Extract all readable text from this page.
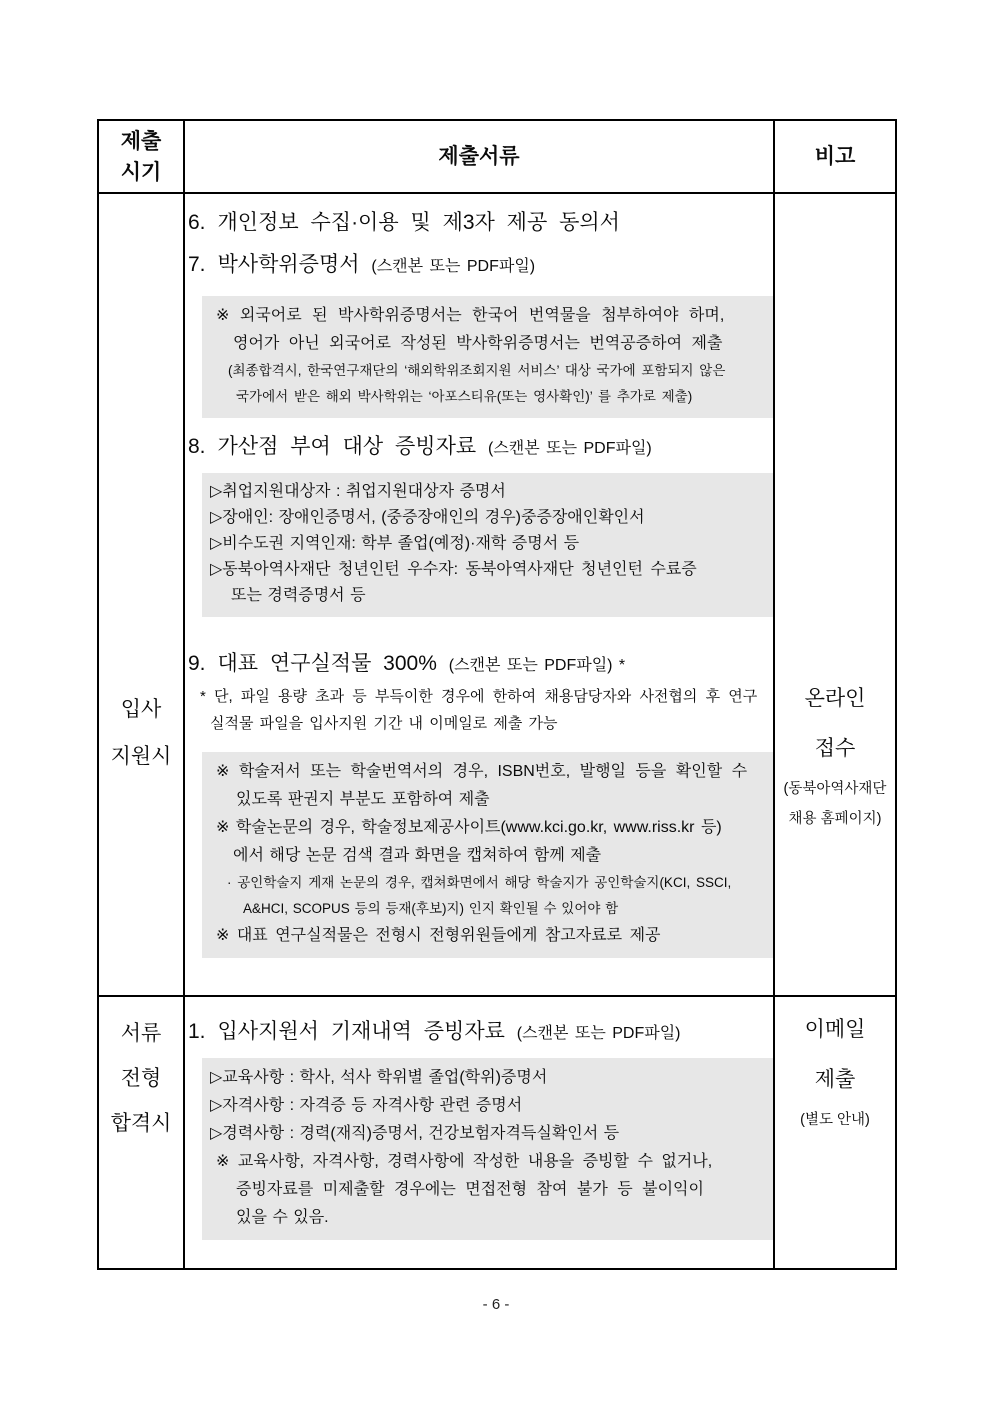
제출
시기
제출서류	비고
입사
지원시
6. 개인정보 수집·이용 및 제3자 제공 동의서
7. 박사학위증명서 (스캔본 또는 PDF파일)
※ 외국어로 된 박사학위증명서는 한국어 번역물을 첨부하여야 하며,
영어가 아닌 외국어로 작성된 박사학위증명서는 번역공증하여 제출
(최종합격시, 한국연구재단의 ‘해외학위조회지원 서비스’ 대상 국가에 포함되지 않은
국가에서 받은 해외 박사학위는 ‘아포스티유(또는 영사확인)’ 를 추가로 제출)
8. 가산점 부여 대상 증빙자료 (스캔본 또는 PDF파일)
▷취업지원대상자 : 취업지원대상자 증명서
▷장애인: 장애인증명서, (중증장애인의 경우)중증장애인확인서
▷비수도권 지역인재: 학부 졸업(예정)·재학 증명서 등
▷동북아역사재단 청년인턴 우수자: 동북아역사재단 청년인턴 수료증
또는 경력증명서 등
9. 대표 연구실적물 300% (스캔본 또는 PDF파일) *
* 단, 파일 용량 초과 등 부득이한 경우에 한하여 채용담당자와 사전협의 후 연구
실적물 파일을 입사지원 기간 내 이메일로 제출 가능
※ 학술저서 또는 학술번역서의 경우, ISBN번호, 발행일 등을 확인할 수
있도록 판권지 부분도 포함하여 제출
※ 학술논문의 경우, 학술정보제공사이트(www.kci.go.kr, www.riss.kr 등)
에서 해당 논문 검색 결과 화면을 캡쳐하여 함께 제출
· 공인학술지 게재 논문의 경우, 캡쳐화면에서 해당 학술지가 공인학술지(KCI, SSCI,
A&HCI, SCOPUS 등의 등재(후보)지) 인지 확인될 수 있어야 함
※ 대표 연구실적물은 전형시 전형위원들에게 참고자료로 제공
온라인
접수
(동북아역사재단
채용 홈페이지)
서류
전형
합격시
1. 입사지원서 기재내역 증빙자료 (스캔본 또는 PDF파일)
▷교육사항 : 학사, 석사 학위별 졸업(학위)증명서
▷자격사항 : 자격증 등 자격사항 관련 증명서
▷경력사항 : 경력(재직)증명서, 건강보험자격득실확인서 등
※ 교육사항, 자격사항, 경력사항에 작성한 내용을 증빙할 수 없거나,
증빙자료를 미제출할 경우에는 면접전형 참여 불가 등 불이익이
있을 수 있음.
이메일
제출
(별도 안내)
- 6 -
